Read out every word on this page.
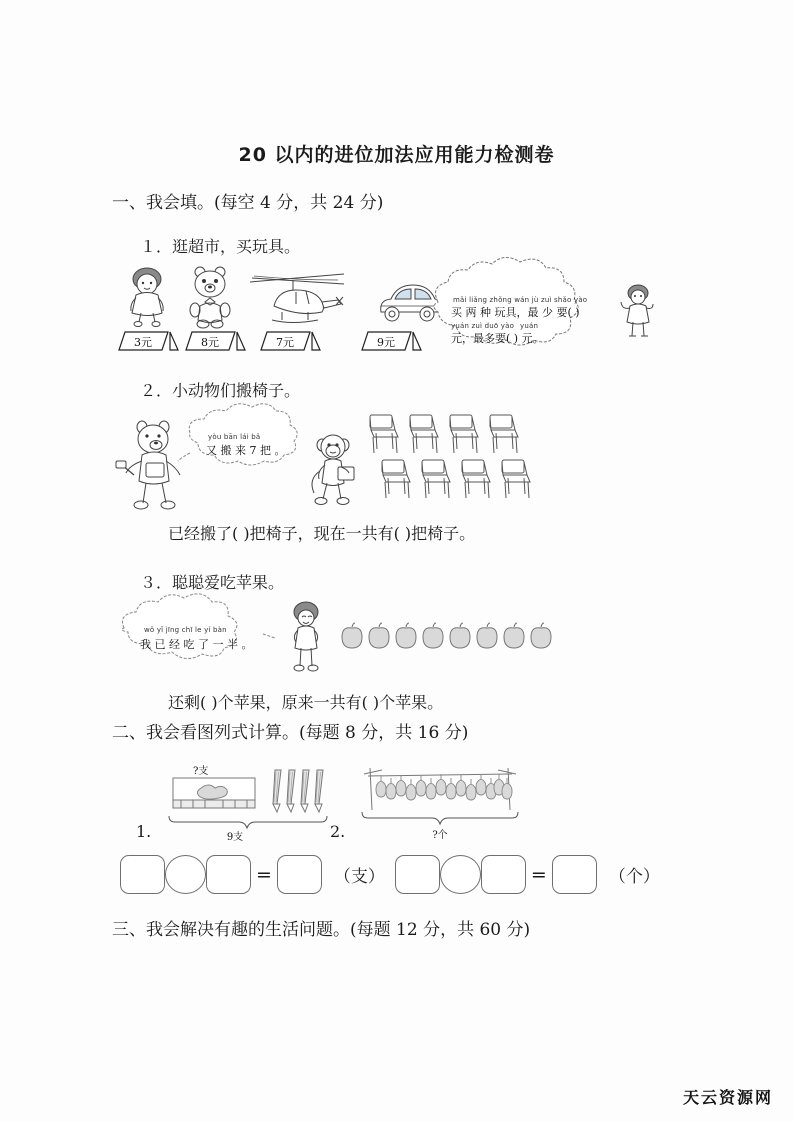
20 以内的进位加法应用能力检测卷
一、我会填。(每空 4 分，共 24 分)
１．逛超市，买玩具。
3元	8元	7元	9元
mǎi liǎng zhǒng wán jù zuì shǎo yào
买 两 种 玩具，最 少 要( )
yuán zuì duō yào yuán
元，最多要( ) 元。
２．小动物们搬椅子。
yòu bān lái bǎ
又 搬 来 7 把 。
已经搬了( )把椅子，现在一共有( )把椅子。
３．聪聪爱吃苹果。
wǒ yǐ jīng chī le yí bàn
我 已 经 吃 了 一 半 。
还剩( )个苹果，原来一共有( )个苹果。
二、我会看图列式计算。(每题 8 分，共 16 分)
1.	2.
?支
9支	?个
=	（支）	=	（个）
三、我会解决有趣的生活问题。(每题 12 分，共 60 分)
天云资源网
